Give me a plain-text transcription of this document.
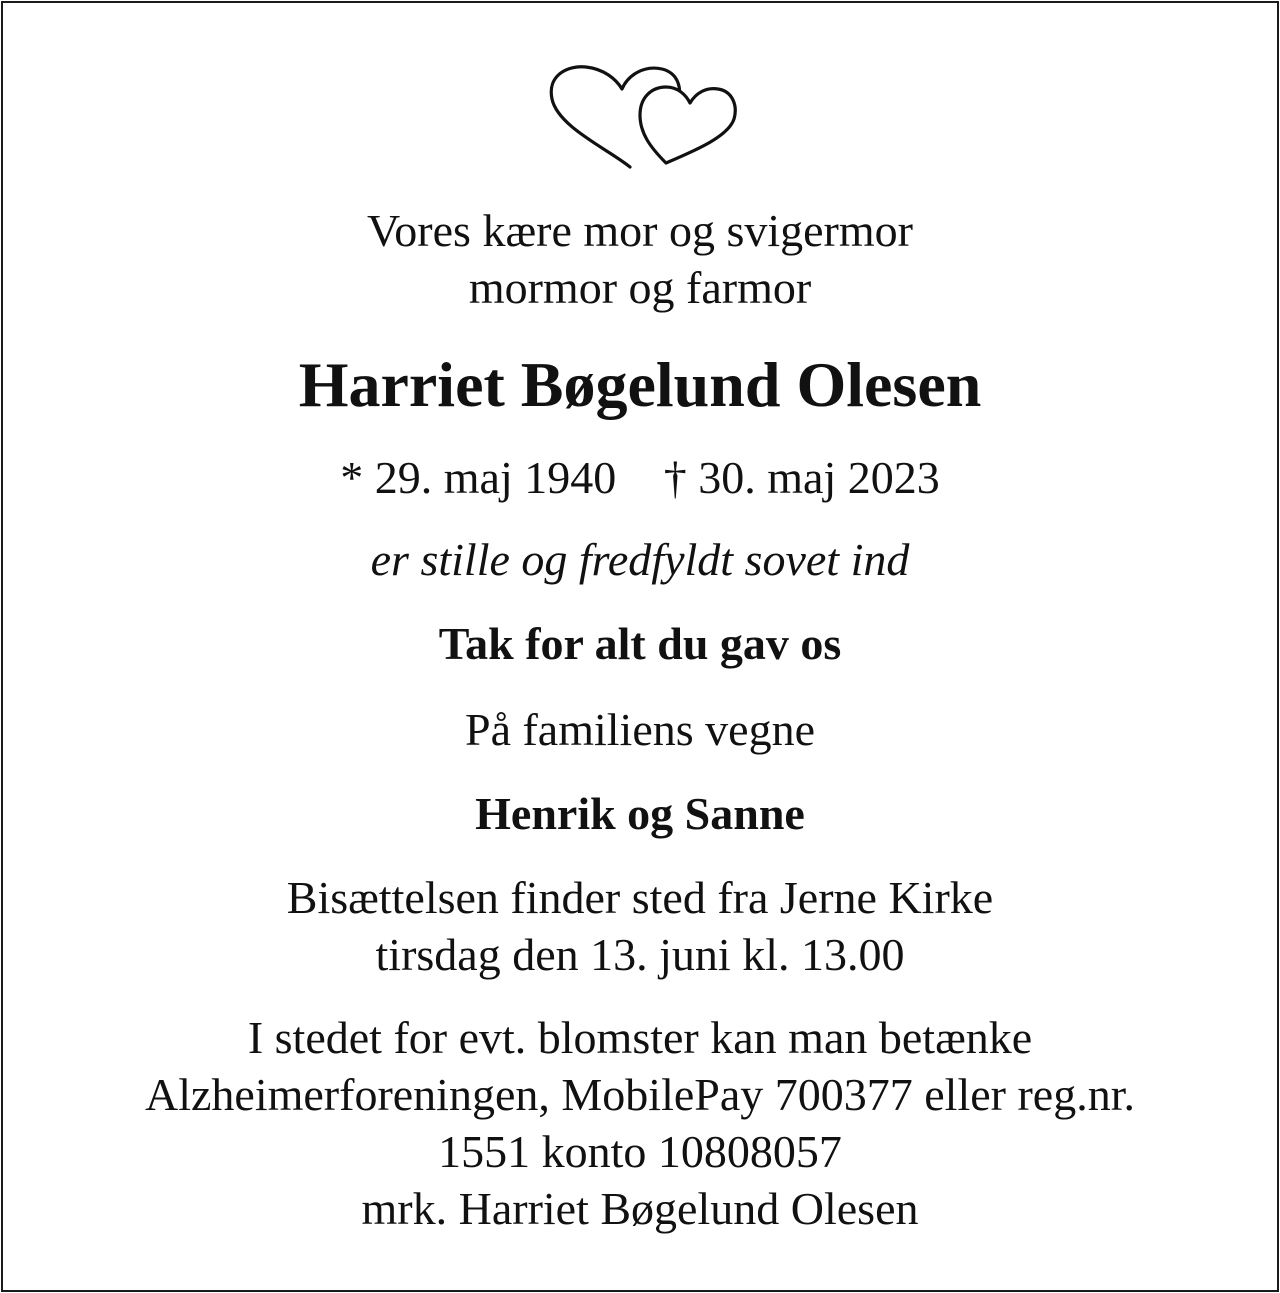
Vores kære mor og svigermor
mormor og farmor
Harriet Bøgelund Olesen
* 29. maj 1940 † 30. maj 2023
er stille og fredfyldt sovet ind
Tak for alt du gav os
På familiens vegne
Henrik og Sanne
Bisættelsen finder sted fra Jerne Kirke
tirsdag den 13. juni kl. 13.00
I stedet for evt. blomster kan man betænke
Alzheimerforeningen, MobilePay 700377 eller reg.nr.
1551 konto 10808057
mrk. Harriet Bøgelund Olesen
